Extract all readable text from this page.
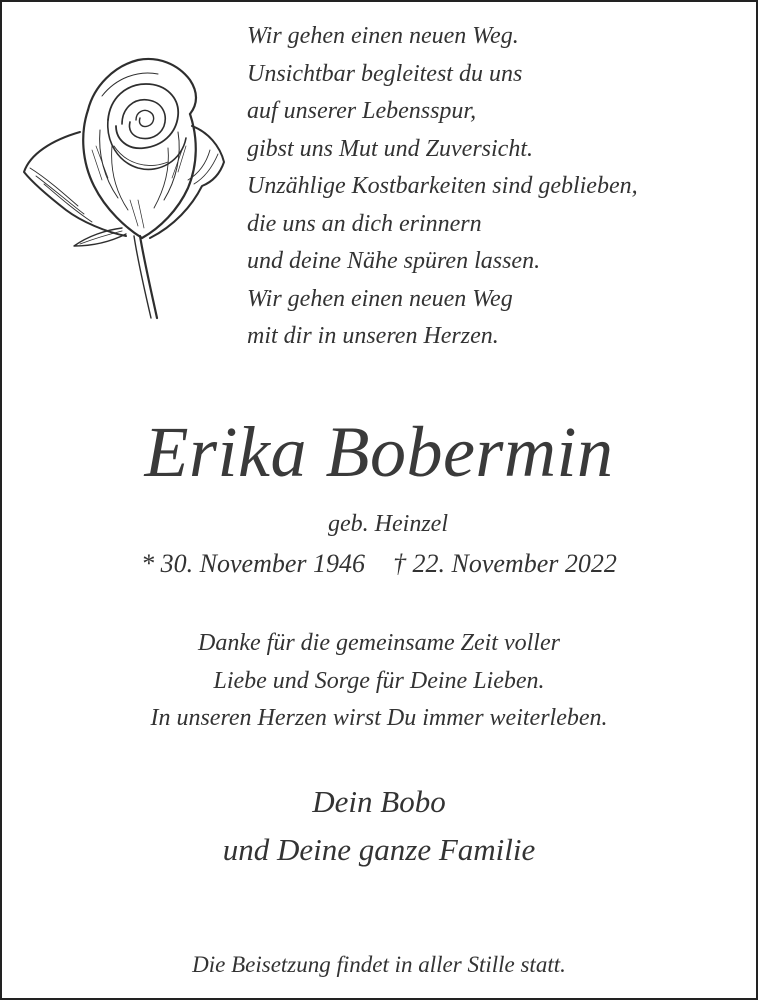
Wir gehen einen neuen Weg.
Unsichtbar begleitest du uns
auf unserer Lebensspur,
gibst uns Mut und Zuversicht.
Unzählige Kostbarkeiten sind geblieben,
die uns an dich erinnern
und deine Nähe spüren lassen.
Wir gehen einen neuen Weg
mit dir in unseren Herzen.
Erika Bobermin
geb. Heinzel
* 30. November 1946 † 22. November 2022
Danke für die gemeinsame Zeit voller
Liebe und Sorge für Deine Lieben.
In unseren Herzen wirst Du immer weiterleben.
Dein Bobo
und Deine ganze Familie
Die Beisetzung findet in aller Stille statt.
